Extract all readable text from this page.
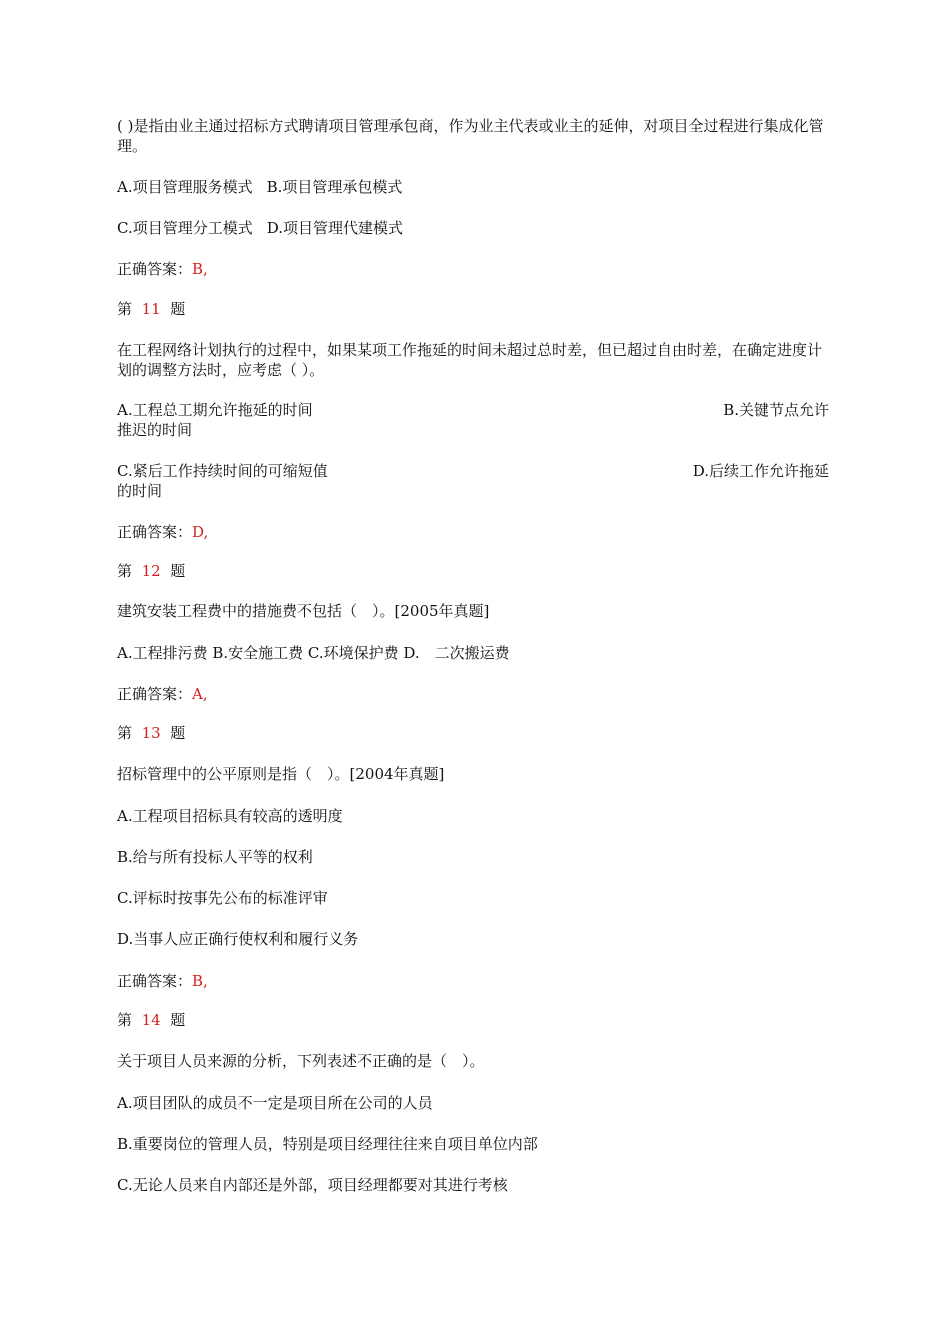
( )是指由业主通过招标方式聘请项目管理承包商，作为业主代表或业主的延伸，对项目全过程进行集成化管理。

A.项目管理服务模式 B.项目管理承包模式

C.项目管理分工模式 D.项目管理代建模式

正确答案：B,

第 11 题

在工程网络计划执行的过程中，如果某项工作拖延的时间未超过总时差，但已超过自由时差，在确定进度计划的调整方法时，应考虑（ ）。

A.工程总工期允许拖延的时间	B.关键节点允许
推迟的时间
C.紧后工作持续时间的可缩短值	D.后续工作允许拖延
的时间

正确答案：D,

第 12 题

建筑安装工程费中的措施费不包括（　）。[2005年真题]

A.工程排污费 B.安全施工费 C.环境保护费 D.　二次搬运费

正确答案：A,

第 13 题

招标管理中的公平原则是指（　）。[2004年真题]

A.工程项目招标具有较高的透明度

B.给与所有投标人平等的权利

C.评标时按事先公布的标准评审

D.当事人应正确行使权利和履行义务

正确答案：B,

第 14 题

关于项目人员来源的分析，下列表述不正确的是（　）。

A.项目团队的成员不一定是项目所在公司的人员

B.重要岗位的管理人员，特别是项目经理往往来自项目单位内部

C.无论人员来自内部还是外部，项目经理都要对其进行考核
